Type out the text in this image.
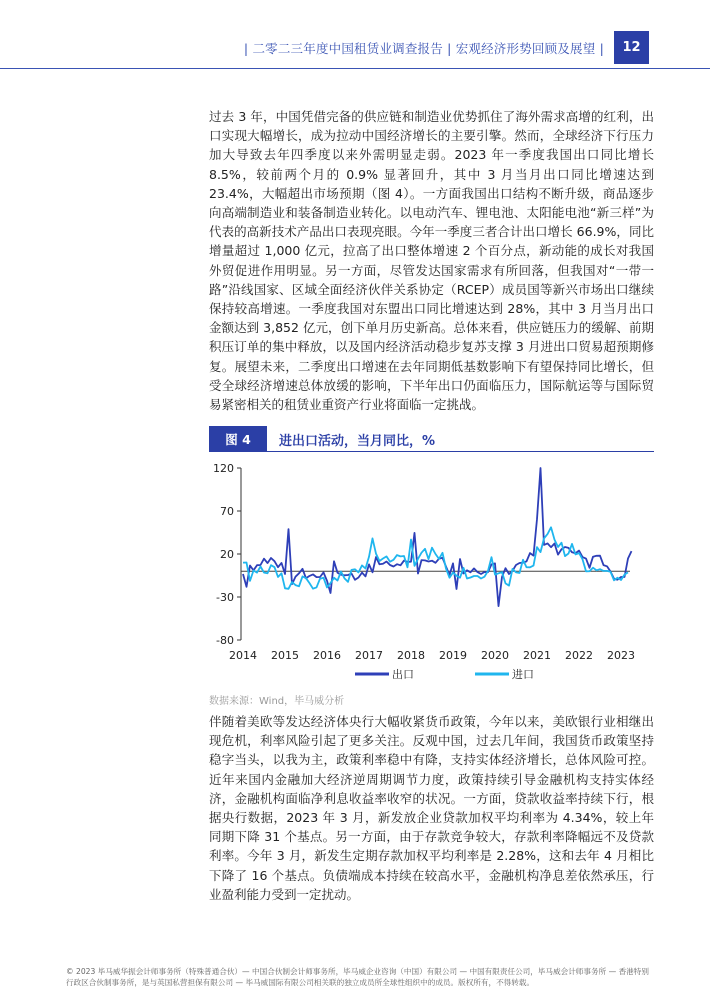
| 二零二三年度中国租赁业调查报告 | 宏观经济形势回顾及展望 |	12

过去 3 年，中国凭借完备的供应链和制造业优势抓住了海外需求高增的红利，出口实现大幅增长，成为拉动中国经济增长的主要引擎。然而，全球经济下行压力加大导致去年四季度以来外需明显走弱。2023 年一季度我国出口同比增长 8.5%，较前两个月的 0.9% 显著回升，其中 3 月当月出口同比增速达到 23.4%，大幅超出市场预期（图 4）。一方面我国出口结构不断升级，商品逐步向高端制造业和装备制造业转化。以电动汽车、锂电池、太阳能电池“新三样”为代表的高新技术产品出口表现亮眼。今年一季度三者合计出口增长 66.9%，同比增量超过 1,000 亿元，拉高了出口整体增速 2 个百分点，新动能的成长对我国外贸促进作用明显。另一方面，尽管发达国家需求有所回落，但我国对“一带一路”沿线国家、区域全面经济伙伴关系协定（RCEP）成员国等新兴市场出口继续保持较高增速。一季度我国对东盟出口同比增速达到 28%，其中 3 月当月出口金额达到 3,852 亿元，创下单月历史新高。总体来看，供应链压力的缓解、前期积压订单的集中释放，以及国内经济活动稳步复苏支撑 3 月进出口贸易超预期修复。展望未来，二季度出口增速在去年同期低基数影响下有望保持同比增长，但受全球经济增速总体放缓的影响，下半年出口仍面临压力，国际航运等与国际贸易紧密相关的租赁业重资产行业将面临一定挑战。

图 4	进出口活动，当月同比，%
-80
-30
20
70
120
2014 2015 2016 2017 2018 2019 2020 2021 2022 2023
出口	进口
数据来源：Wind，毕马威分析

伴随着美欧等发达经济体央行大幅收紧货币政策，今年以来，美欧银行业相继出现危机，利率风险引起了更多关注。反观中国，过去几年间，我国货币政策坚持稳字当头，以我为主，政策利率稳中有降，支持实体经济增长，总体风险可控。近年来国内金融加大经济逆周期调节力度，政策持续引导金融机构支持实体经济，金融机构面临净利息收益率收窄的状况。一方面，贷款收益率持续下行，根据央行数据，2023 年 3 月，新发放企业贷款加权平均利率为 4.34%，较上年同期下降 31 个基点。另一方面，由于存款竞争较大，存款利率降幅远不及贷款利率。今年 3 月，新发生定期存款加权平均利率是 2.28%，这和去年 4 月相比下降了 16 个基点。负债端成本持续在较高水平，金融机构净息差依然承压，行业盈利能力受到一定扰动。

© 2023 毕马威华振会计师事务所（特殊普通合伙）— 中国合伙制会计师事务所，毕马威企业咨询（中国）有限公司 — 中国有限责任公司，毕马威会计师事务所 — 香港特别行政区合伙制事务所，是与英国私营担保有限公司 — 毕马威国际有限公司相关联的独立成员所全球性组织中的成员。版权所有，不得转载。
